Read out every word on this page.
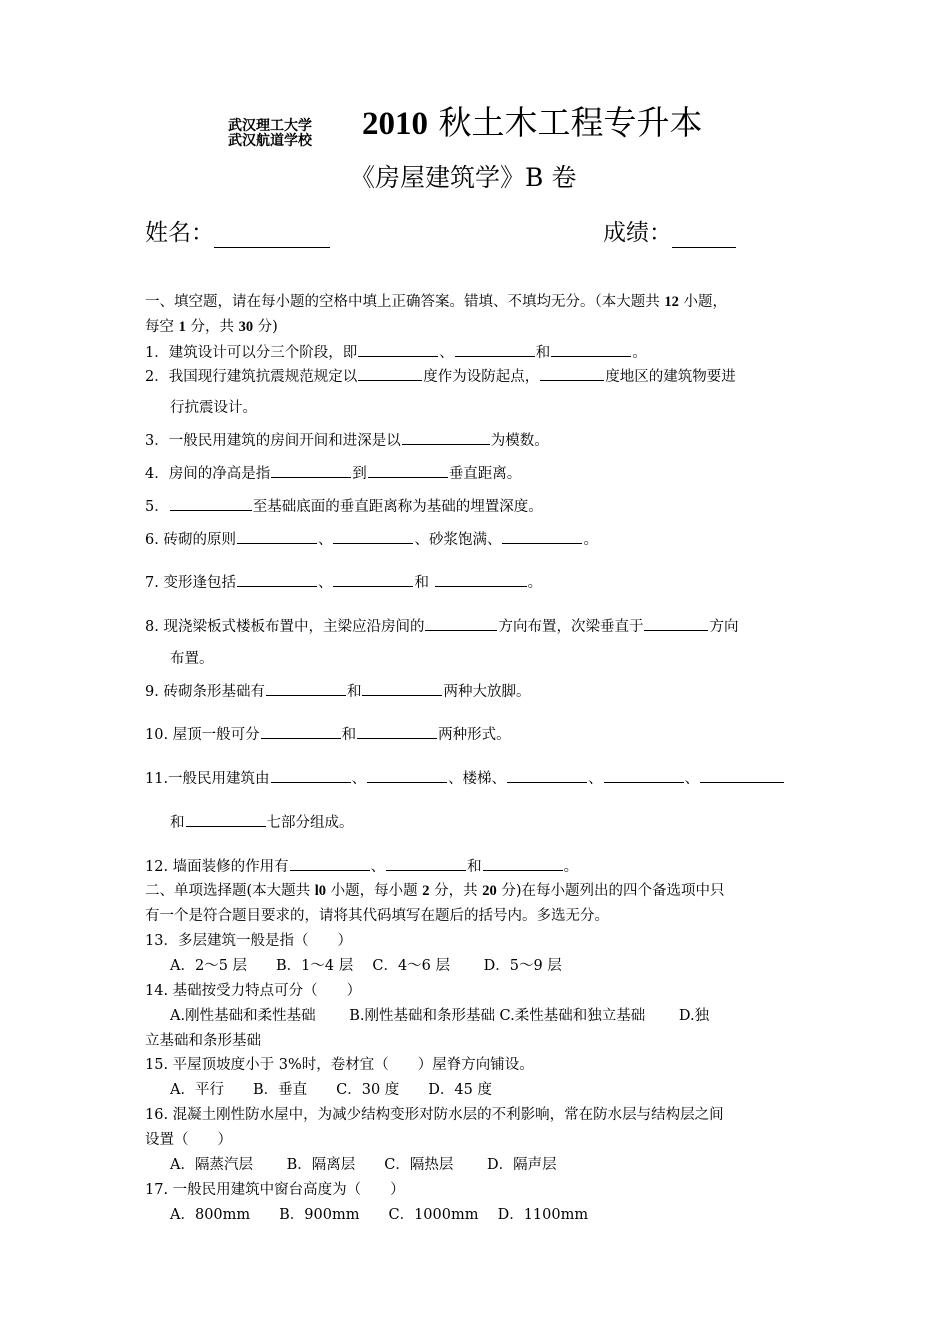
武汉理工大学
武汉航道学校	2010 秋土木工程专升本
《房屋建筑学》B 卷
姓名：	成绩：
一、填空题，请在每小题的空格中填上正确答案。错填、不填均无分。（本大题共 12 小题，
每空 1 分，共 30 分)
1．建筑设计可以分三个阶段，即	、	和	。
2．我国现行建筑抗震规范规定以	度作为设防起点，	度地区的建筑物要进
行抗震设计。
3．一般民用建筑的房间开间和进深是以	为模数。
4．房间的净高是指	到	垂直距离。
5．	至基础底面的垂直距离称为基础的埋置深度。
6. 砖砌的原则	、	、砂浆饱满、	。
7. 变形逢包括	、	和	。
8. 现浇梁板式楼板布置中，主梁应沿房间的	方向布置，次梁垂直于	方向
布置。
9. 砖砌条形基础有	和	两种大放脚。
10. 屋顶一般可分	和	两种形式。
11.一般民用建筑由	、	、楼梯、	、	、
和	七部分组成。
12. 墙面装修的作用有	、	和	。
二、单项选择题(本大题共 l0 小题，每小题 2 分，共 20 分)在每小题列出的四个备选项中只
有一个是符合题目要求的，请将其代码填写在题后的括号内。多选无分。
13．多层建筑一般是指（　　）
A．2～5 层　　B．1～4 层　 C．4～6 层　　 D．5～9 层
14. 基础按受力特点可分（　　）
A.刚性基础和柔性基础　　 B.刚性基础和条形基础 C.柔性基础和独立基础　　 D.独
立基础和条形基础
15. 平屋顶坡度小于 3%时，卷材宜（　　）屋脊方向铺设。
A．平行　　B．垂直　　C．30 度　　D．45 度
16. 混凝土刚性防水屋中，为减少结构变形对防水层的不利影响，常在防水层与结构层之间
设置（　　）
A．隔蒸汽层　　 B．隔离层　　C．隔热层　　 D．隔声层
17. 一般民用建筑中窗台高度为（　　）
A．800mm　　B．900mm　　C．1000mm　 D．1100mm
